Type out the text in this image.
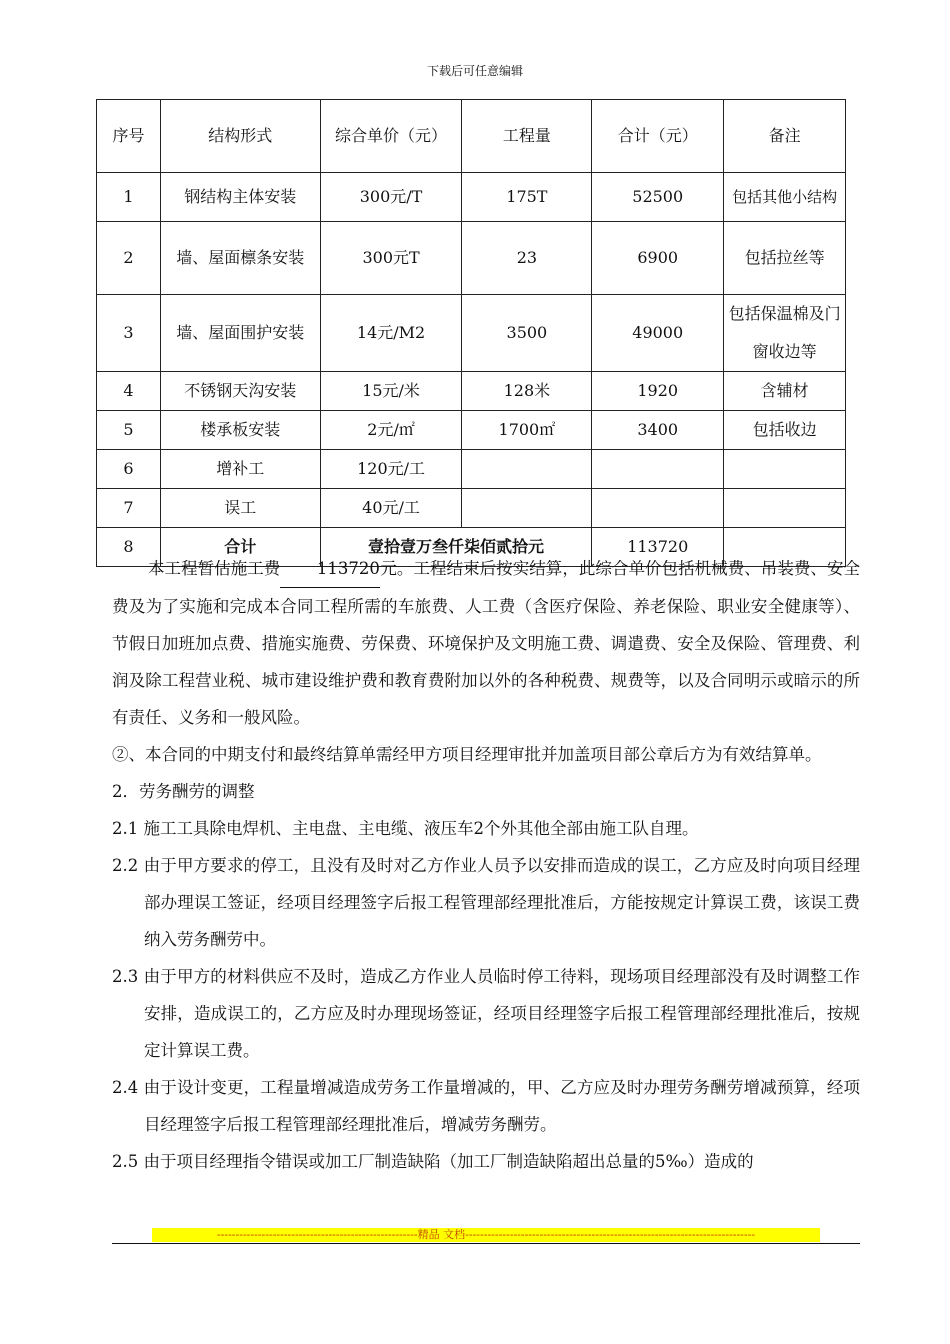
下载后可任意编辑
序号	结构形式	综合单价（元）	工程量	合计（元）	备注
1	钢结构主体安装	300元/T	175T	52500	包括其他小结构
2	墙、屋面檩条安装	300元T	23	6900	包括拉丝等
3	墙、屋面围护安装	14元/M2	3500	49000	包括保温棉及门窗收边等
4	不锈钢天沟安装	15元/米	128米	1920	含辅材
5	楼承板安装	2元/㎡	1700㎡	3400	包括收边
6	增补工	120元/工			
7	误工	40元/工			
8	合计	壹拾壹万叁仟柒佰贰拾元		113720	

本工程暂估施工费 113720元。工程结束后按实结算，此综合单价包括机械费、吊装费、安全费及为了实施和完成本合同工程所需的车旅费、人工费（含医疗保险、养老保险、职业安全健康等）、节假日加班加点费、措施实施费、劳保费、环境保护及文明施工费、调遣费、安全及保险、管理费、利润及除工程营业税、城市建设维护费和教育费附加以外的各种税费、规费等，以及合同明示或暗示的所有责任、义务和一般风险。

②、本合同的中期支付和最终结算单需经甲方项目经理审批并加盖项目部公章后方为有效结算单。

2．劳务酬劳的调整

2.1 施工工具除电焊机、主电盘、主电缆、液压车2个外其他全部由施工队自理。

2.2 由于甲方要求的停工，且没有及时对乙方作业人员予以安排而造成的误工，乙方应及时向项目经理部办理误工签证，经项目经理签字后报工程管理部经理批准后，方能按规定计算误工费，该误工费纳入劳务酬劳中。

2.3 由于甲方的材料供应不及时，造成乙方作业人员临时停工待料，现场项目经理部没有及时调整工作安排，造成误工的，乙方应及时办理现场签证，经项目经理签字后报工程管理部经理批准后，按规定计算误工费。

2.4 由于设计变更，工程量增减造成劳务工作量增减的，甲、乙方应及时办理劳务酬劳增减预算，经项目经理签字后报工程管理部经理批准后，增减劳务酬劳。

2.5 由于项目经理指令错误或加工厂制造缺陷（加工厂制造缺陷超出总量的5‰）造成的

------------------------------------------------------精品 文档------------------------------------------------------------------------------
